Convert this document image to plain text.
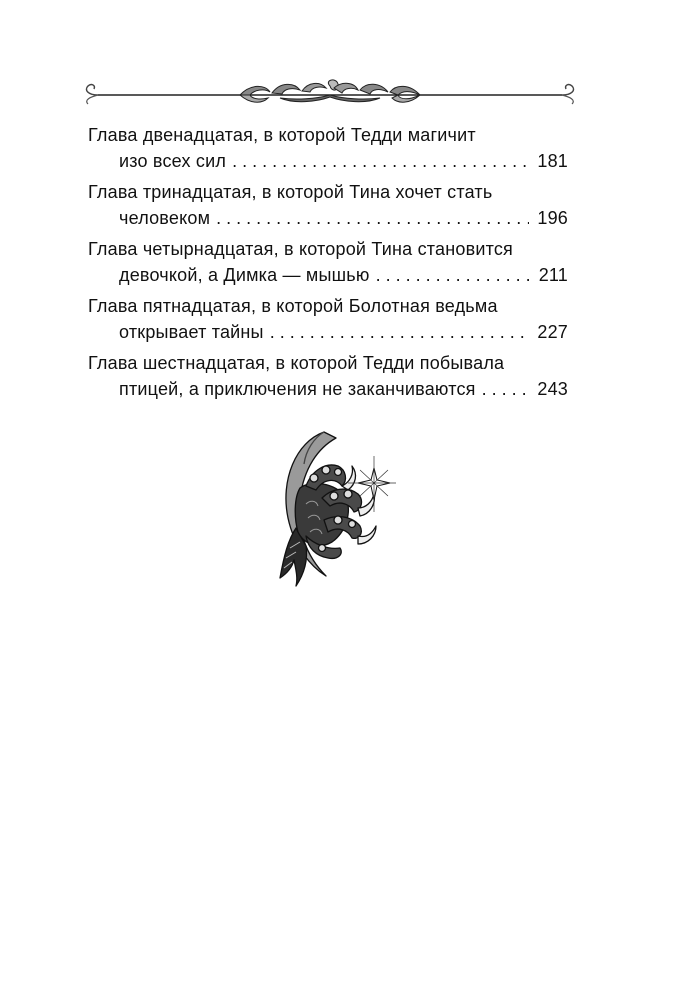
Глава двенадцатая, в которой Тедди магичит
изо всех сил . . .	181
Глава тринадцатая, в которой Тина хочет стать
человеком . . .	196
Глава четырнадцатая, в которой Тина становится
девочкой, а Димка — мышью . . .	211
Глава пятнадцатая, в которой Болотная ведьма
открывает тайны . . .	227
Глава шестнадцатая, в которой Тедди побывала
птицей, а приключения не заканчиваются . . .	243
